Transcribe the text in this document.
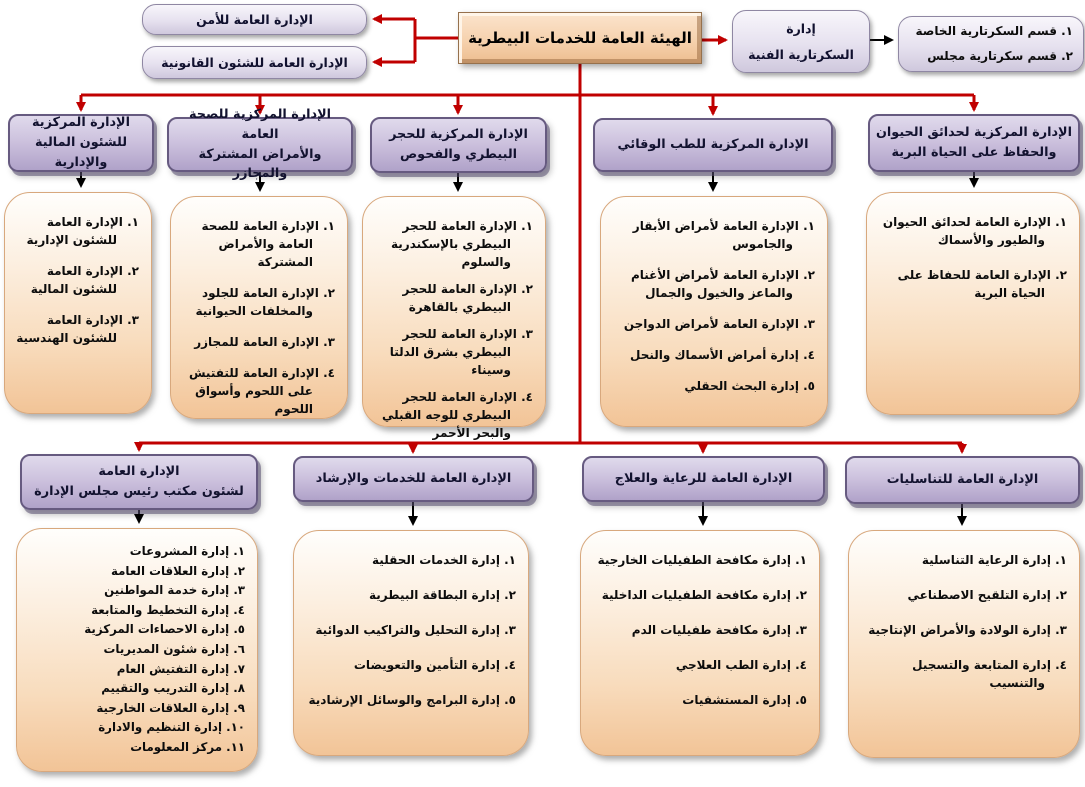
الهيئة العامة للخدمات البيطرية
الإدارة العامة للأمن
الإدارة العامة للشئون القانونية
إدارة
السكرتارية الفنية
١. قسم السكرتارية الخاصة
٢. قسم سكرتارية مجلس
الإدارة المركزية
للشئون المالية والإدارية
الإدارة المركزية للصحة العامة
والأمراض المشتركة والمجازر
الإدارة المركزية للحجر
البيطري والفحوص
الإدارة المركزية للطب الوقائي
الإدارة المركزية لحدائق الحيوان
والحفاظ على الحياة البرية
١. الإدارة العامة للشئون الإدارية
٢. الإدارة العامة للشئون المالية
٣. الإدارة العامة للشئون الهندسية
١. الإدارة العامة للصحة العامة والأمراض المشتركة
٢. الإدارة العامة للجلود والمخلفات الحيوانية
٣. الإدارة العامة للمجازر
٤. الإدارة العامة للتفتيش على اللحوم وأسواق اللحوم
١. الإدارة العامة للحجر البيطري بالإسكندرية والسلوم
٢. الإدارة العامة للحجر البيطري بالقاهرة
٣. الإدارة العامة للحجر البيطري بشرق الدلتا وسيناء
٤. الإدارة العامة للحجر البيطري للوجه القبلي والبحر الأحمر
١. الإدارة العامة لأمراض الأبقار والجاموس
٢. الإدارة العامة لأمراض الأغنام والماعز والخيول والجمال
٣. الإدارة العامة لأمراض الدواجن
٤. إدارة أمراض الأسماك والنحل
٥. إدارة البحث الحقلي
١. الإدارة العامة لحدائق الحيوان والطيور والأسماك
٢. الإدارة العامة للحفاظ على الحياة البرية
الإدارة العامة
لشئون مكتب رئيس مجلس الإدارة
الإدارة العامة للخدمات والإرشاد	الإدارة العامة للرعاية والعلاج	الإدارة العامة للتناسليات
١. إدارة المشروعات
٢. إدارة العلاقات العامة
٣. إدارة خدمة المواطنين
٤. إدارة التخطيط والمتابعة
٥. إدارة الاحصاءات المركزية
٦. إدارة شئون المديريات
٧. إدارة التفتيش العام
٨. إدارة التدريب والتقييم
٩. إدارة العلاقات الخارجية
١٠. إدارة التنظيم والادارة
١١. مركز المعلومات
١. إدارة الخدمات الحقلية
٢. إدارة البطاقة البيطرية
٣. إدارة التحليل والتراكيب الدوائية
٤. إدارة التأمين والتعويضات
٥. إدارة البرامج والوسائل الإرشادية
١. إدارة مكافحة الطفيليات الخارجية
٢. إدارة مكافحة الطفيليات الداخلية
٣. إدارة مكافحة طفيليات الدم
٤. إدارة الطب العلاجي
٥. إدارة المستشفيات
١. إدارة الرعاية التناسلية
٢. إدارة التلقيح الاصطناعي
٣. إدارة الولادة والأمراض الإنتاجية
٤. إدارة المتابعة والتسجيل والتنسيب
